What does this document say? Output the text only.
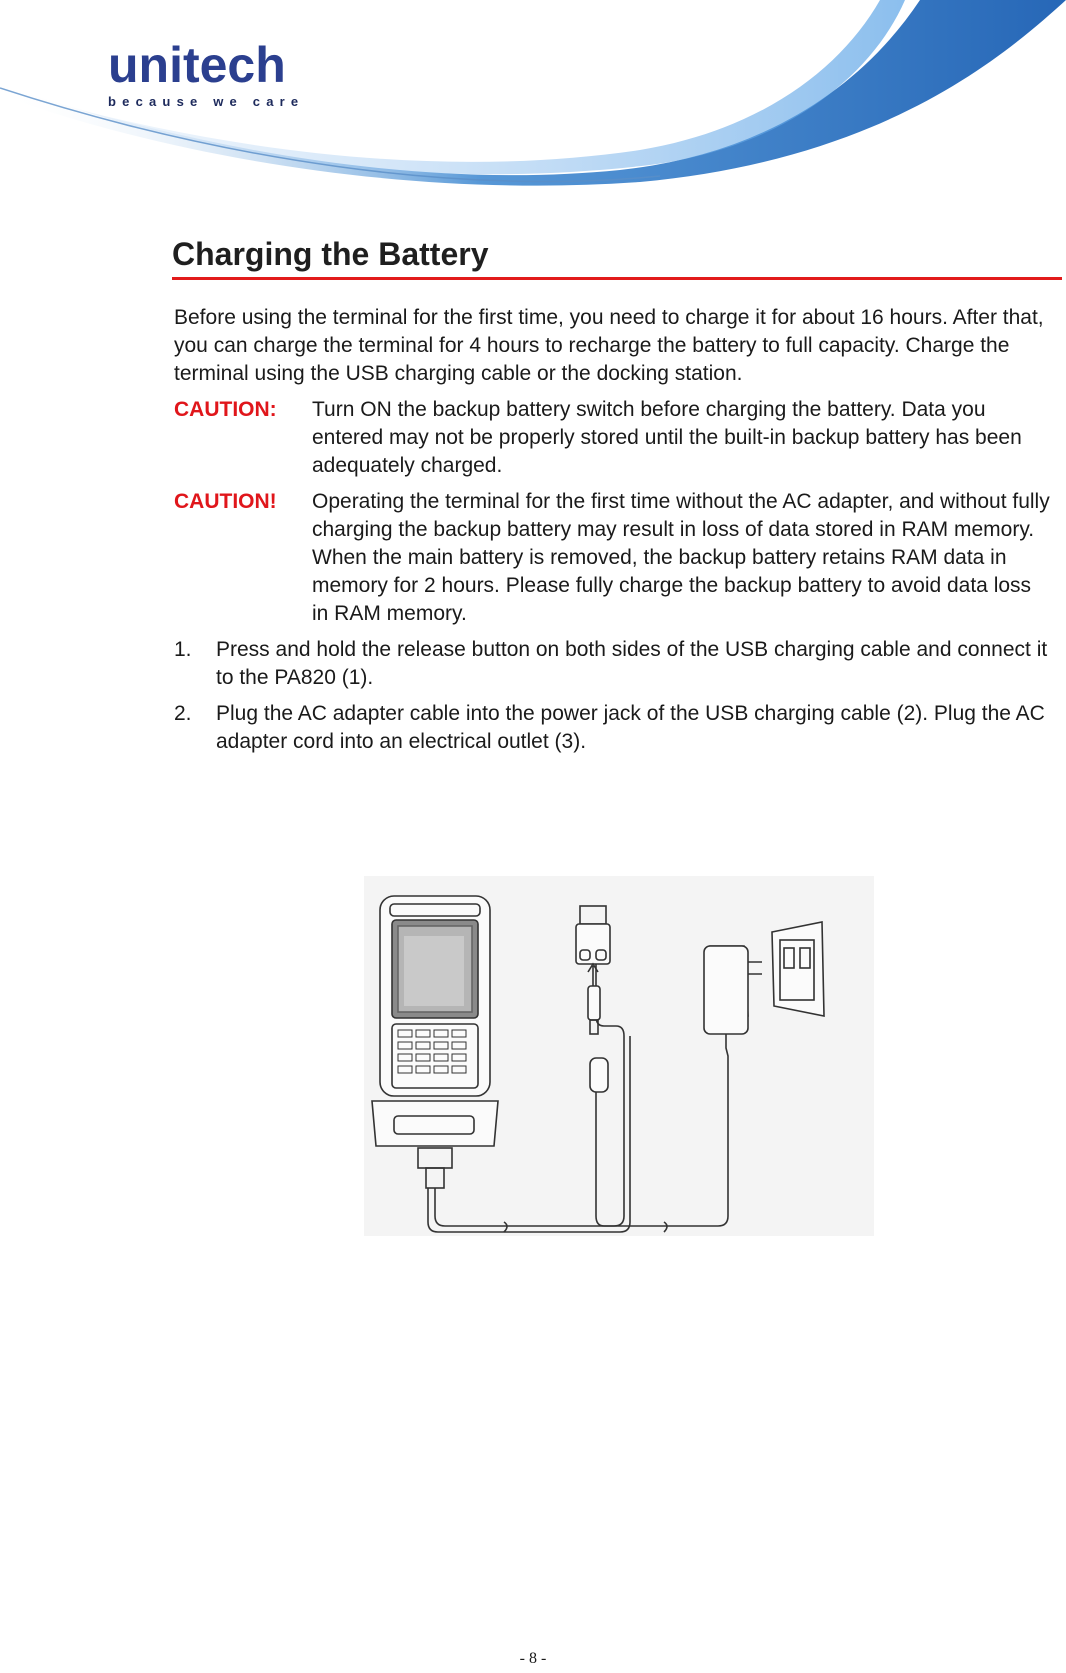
unitech
because we care
Charging the Battery

Before using the terminal for the first time, you need to charge it for about 16 hours. After that, you can charge the terminal for 4 hours to recharge the battery to full capacity. Charge the terminal using the USB charging cable or the docking station.

CAUTION:	Turn ON the backup battery switch before charging the battery. Data you entered may not be properly stored until the built-in backup battery has been adequately charged.
CAUTION!	Operating the terminal for the first time without the AC adapter, and without fully charging the backup battery may result in loss of data stored in RAM memory. When the main battery is removed, the backup battery retains RAM data in memory for 2 hours. Please fully charge the backup battery to avoid data loss in RAM memory.
1.	Press and hold the release button on both sides of the USB charging cable and connect it to the PA820 (1).
2.	Plug the AC adapter cable into the power jack of the USB charging cable (2). Plug the AC adapter cord into an electrical outlet (3).
- 8 -
